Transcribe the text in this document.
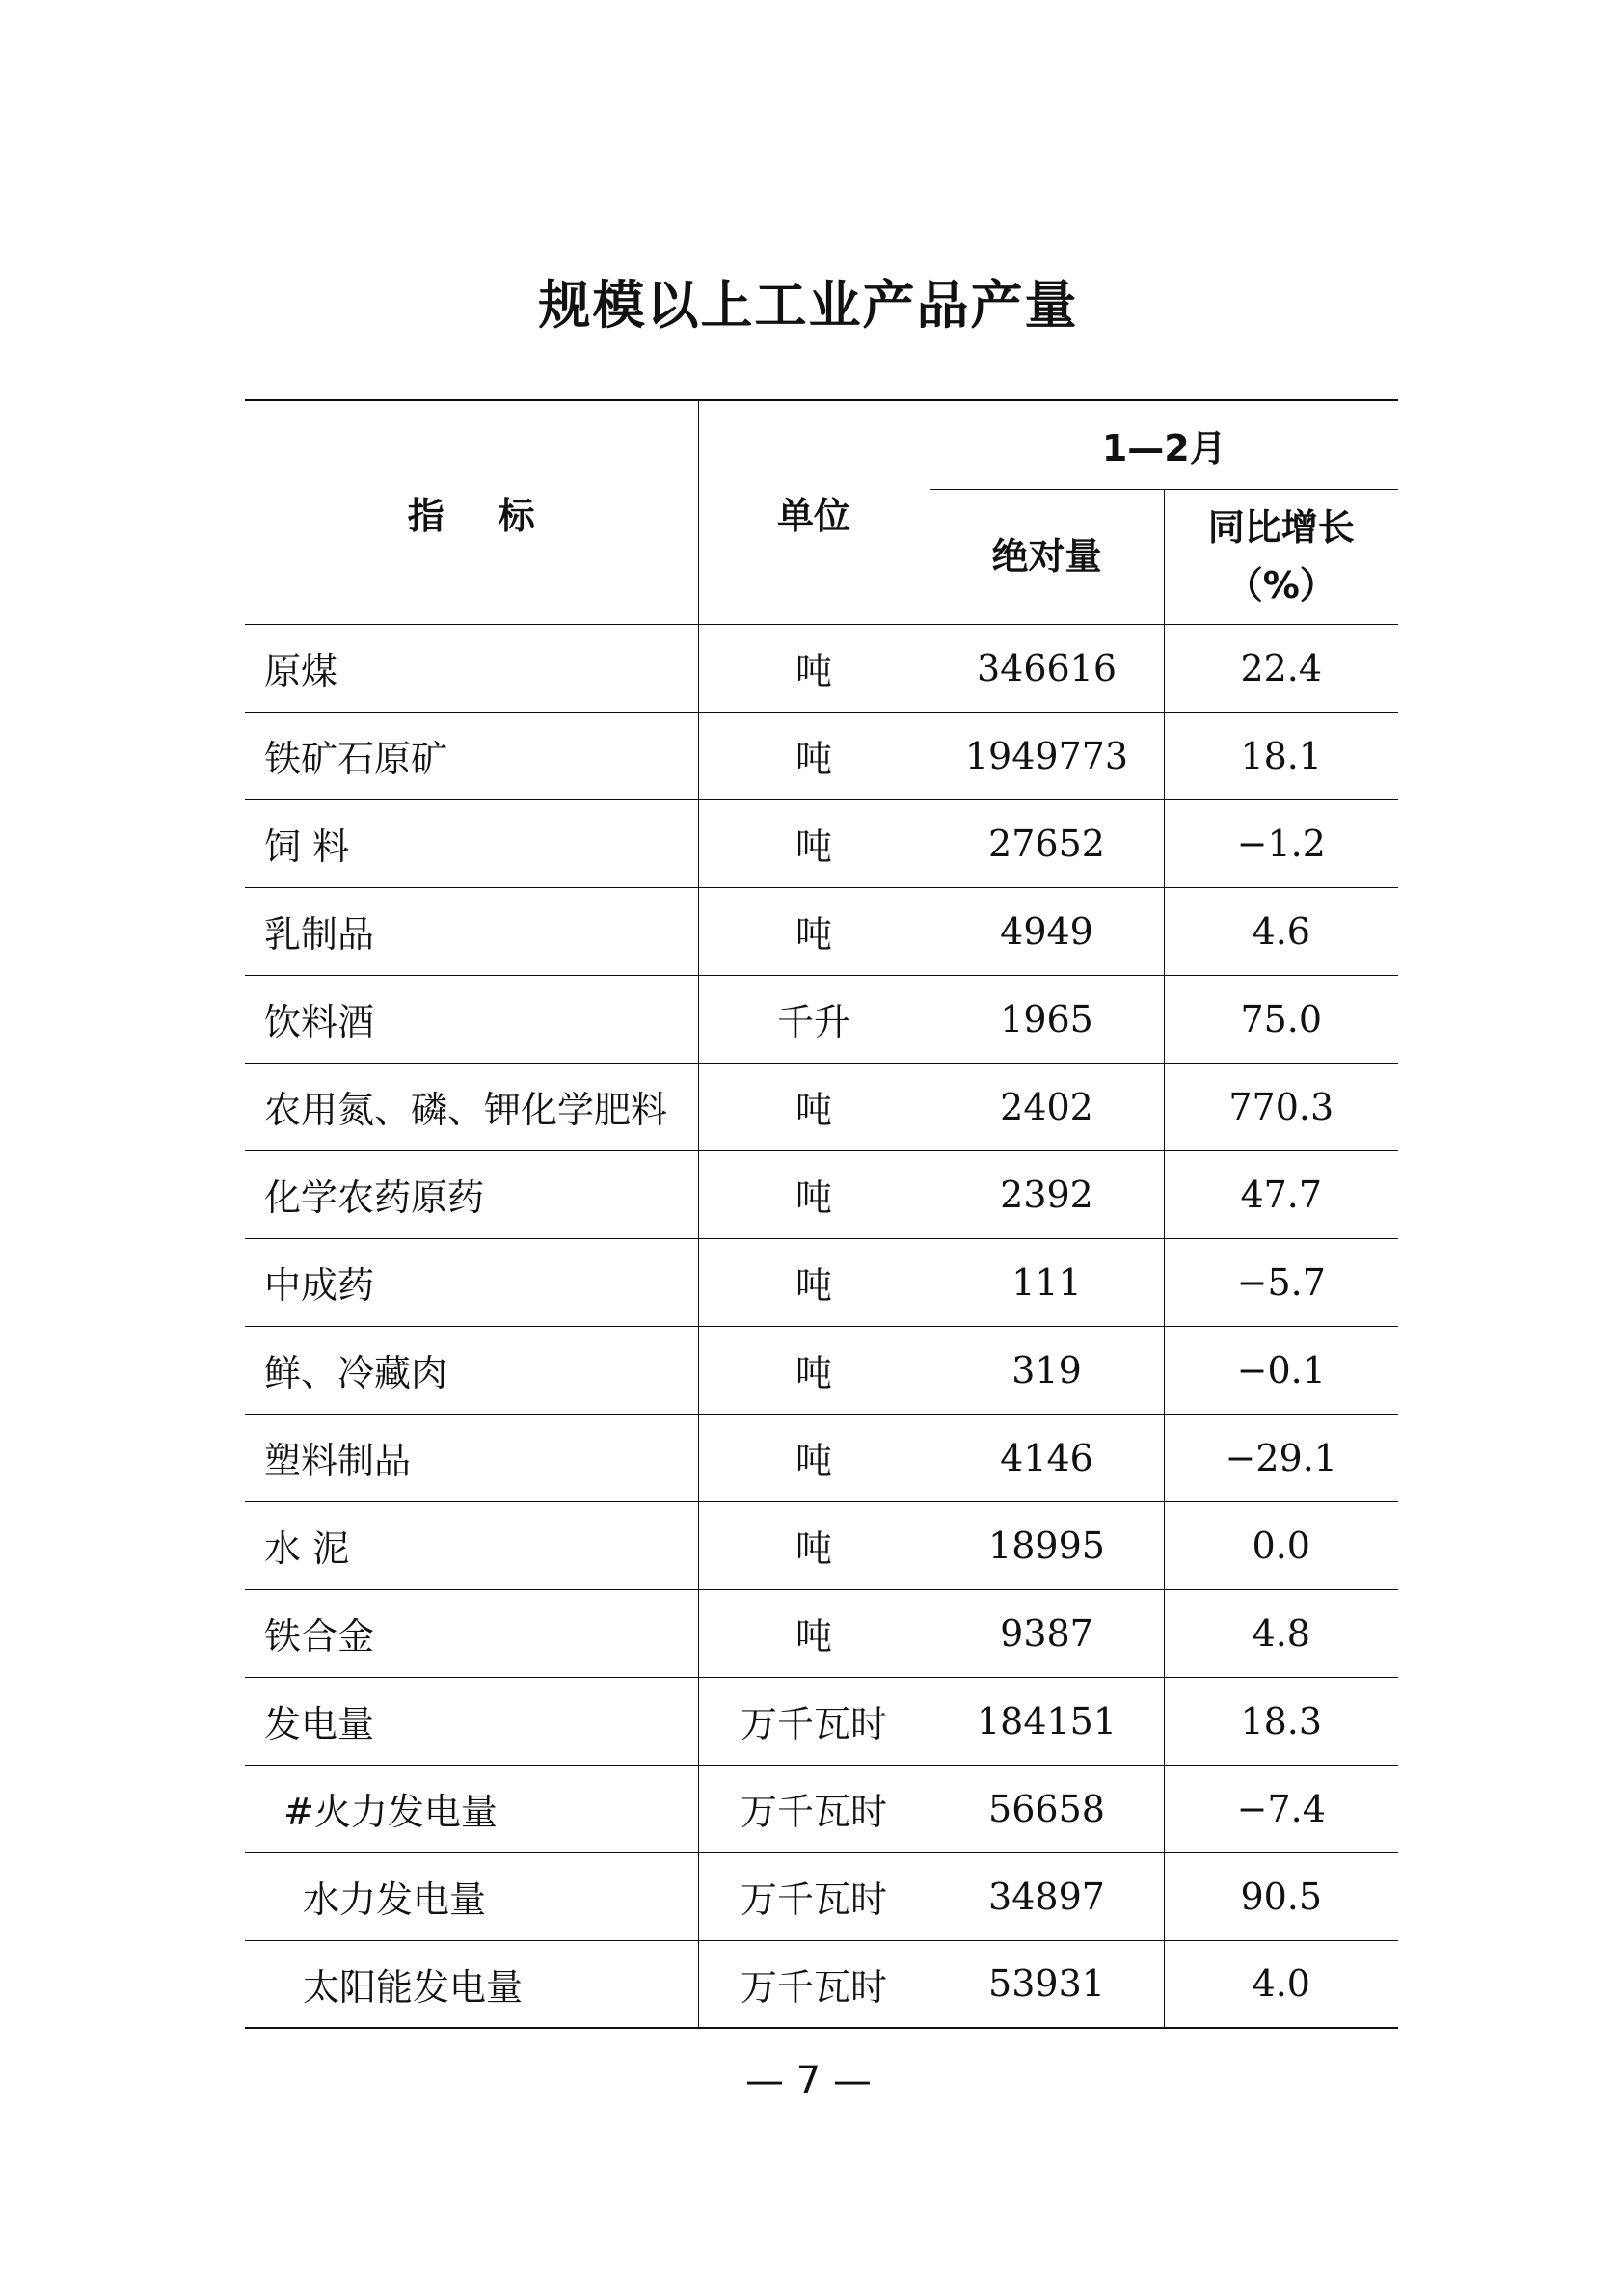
规模以上工业产品产量
指标	单位	1—2月	
		绝对量	同比增长
（%）

原煤	吨	346616	22.4
铁矿石原矿	吨	1949773	18.1
饲 料	吨	27652	−1.2
乳制品	吨	4949	4.6
饮料酒	千升	1965	75.0
农用氮、磷、钾化学肥料	吨	2402	770.3
化学农药原药	吨	2392	47.7
中成药	吨	111	−5.7
鲜、冷藏肉	吨	319	−0.1
塑料制品	吨	4146	−29.1
水 泥	吨	18995	0.0
铁合金	吨	9387	4.8
发电量	万千瓦时	184151	18.3
#火力发电量	万千瓦时	56658	−7.4
水力发电量	万千瓦时	34897	90.5
太阳能发电量	万千瓦时	53931	4.0
— 7 —
